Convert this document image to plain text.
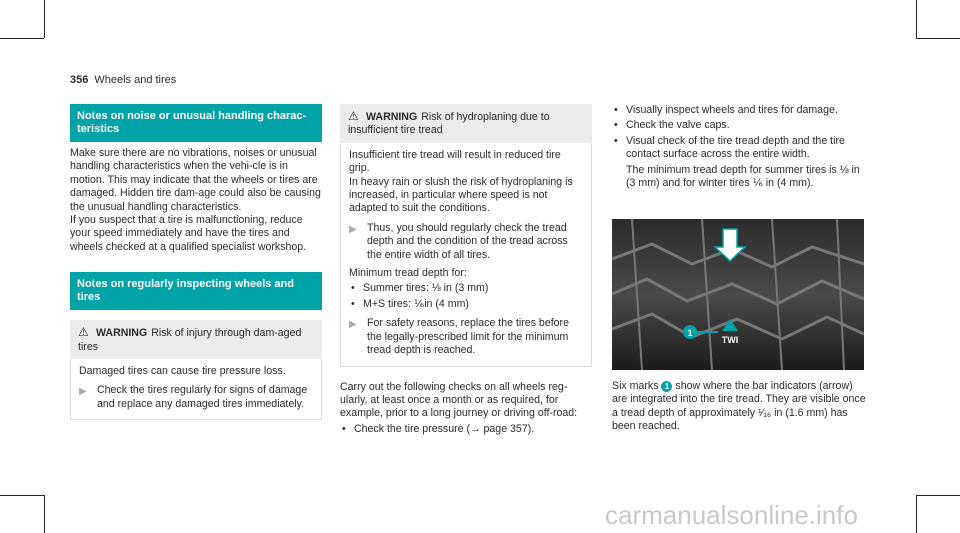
356 Wheels and tires
Notes on noise or unusual handling charac-teristics

Make sure there are no vibrations, noises or unusual handling characteristics when the vehi-cle is in motion. This may indicate that the wheels or tires are damaged. Hidden tire dam-age could also be causing the unusual handling characteristics.

If you suspect that a tire is malfunctioning, reduce your speed immediately and have the tires and wheels checked at a qualified specialist workshop.

Notes on regularly inspecting wheels and tires
⚠ WARNING Risk of injury through dam-aged tires

Damaged tires can cause tire pressure loss.

▶ Check the tires regularly for signs of damage and replace any damaged tires immediately.
⚠ WARNING Risk of hydroplaning due to insufficient tire tread

Insufficient tire tread will result in reduced tire grip.

In heavy rain or slush the risk of hydroplaning is increased, in particular where speed is not adapted to suit the conditions.

▶ Thus, you should regularly check the tread depth and the condition of the tread across the entire width of all tires.

Minimum tread depth for:

• Summer tires: ⅛ in (3 mm)
• M+S tires: ⅙in (4 mm)
▶ For safety reasons, replace the tires before the legally-prescribed limit for the minimum tread depth is reached.

Carry out the following checks on all wheels reg-ularly, at least once a month or as required, for example, prior to a long journey or driving off-road:

• Check the tire pressure (→ page 357).
• Visually inspect wheels and tires for damage.
• Check the valve caps.
• Visual check of the tire tread depth and the tire contact surface across the entire width.

The minimum tread depth for summer tires is ⅛ in (3 mm) and for winter tires ⅙ in (4 mm).

1
TWI

Six marks 1 show where the bar indicators (arrow) are integrated into the tire tread. They are visible once a tread depth of approximately ¹⁄₁₆ in (1.6 mm) has been reached.

carmanualsonline.info
